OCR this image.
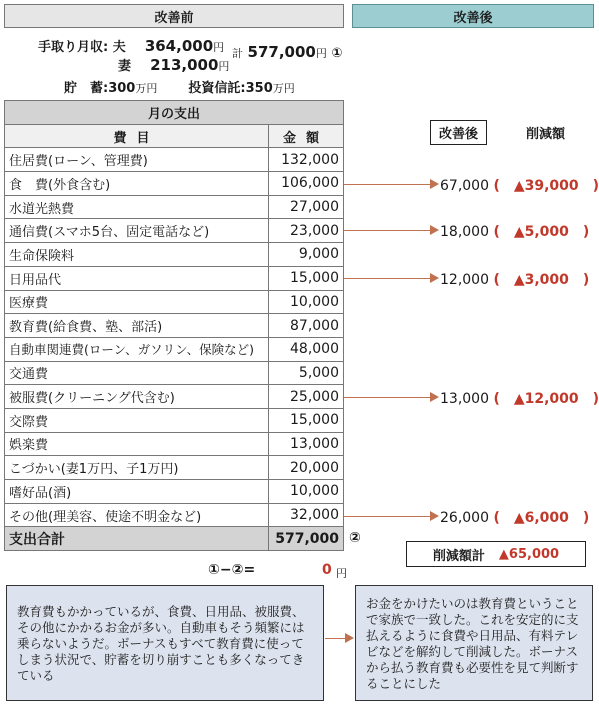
改善前	改善後
手取り月収: 夫 364,000円
妻 213,000円
計 577,000円 ①
貯　蓄:300万円 投資信託:350万円
月の支出	
費目	金額
住居費(ローン、管理費)	132,000
食　費(外食含む)	106,000
水道光熱費	27,000
通信費(スマホ5台、固定電話など)	23,000
生命保険料	9,000
日用品代	15,000
医療費	10,000
教育費(給食費、塾、部活)	87,000
自動車関連費(ローン、ガソリン、保険など)	48,000
交通費	5,000
被服費(クリーニング代含む)	25,000
交際費	15,000
娯楽費	13,000
こづかい(妻1万円、子1万円)	20,000
嗜好品(酒)	10,000
その他(理美容、使途不明金など)	32,000
支出合計	577,000 ②
①−②=	0 円
改善後	削減額
67,000 (　▲39,000　)
18,000 (　▲5,000　)
12,000 (　▲3,000　)
13,000 (　▲12,000　)
26,000 (　▲6,000　)
削減額計 ▲65,000
教育費もかかっているが、食費、日用品、被服費、その他にかかるお金が多い。自動車もそう頻繁には乗らないようだ。ボーナスもすべて教育費に使ってしまう状況で、貯蓄を切り崩すことも多くなってきている
お金をかけたいのは教育費ということで家族で一致した。これを安定的に支払えるように食費や日用品、有料テレビなどを解約して削減した。ボーナスから払う教育費も必要性を見て判断することにした
